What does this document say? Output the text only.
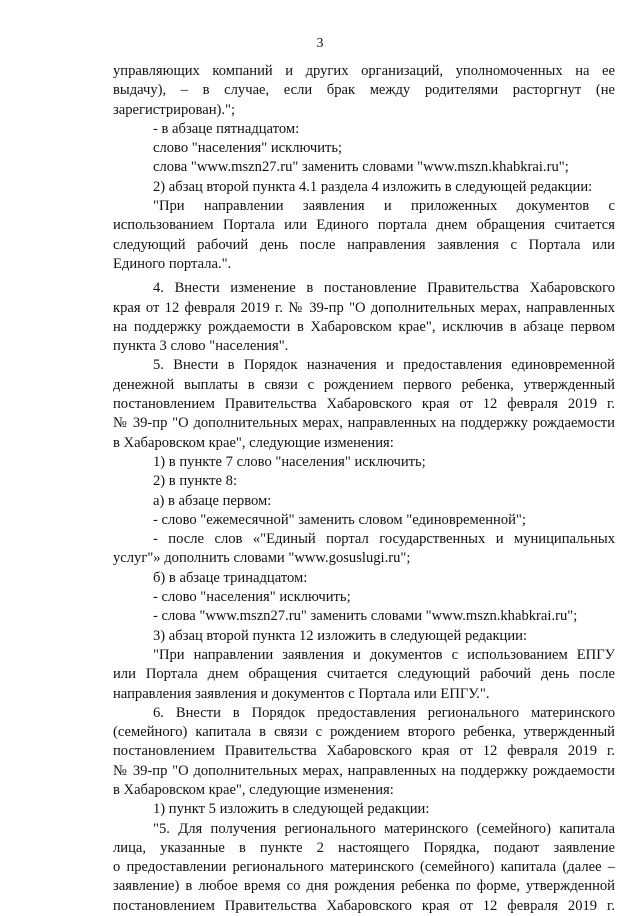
3
управляющих компаний и других организаций, уполномоченных на ее
выдачу), – в случае, если брак между родителями расторгнут (не
зарегистрирован).";
- в абзаце пятнадцатом:
слово "населения" исключить;
слова "www.mszn27.ru" заменить словами "www.mszn.khabkrai.ru";
2) абзац второй пункта 4.1 раздела 4 изложить в следующей редакции:
"При направлении заявления и приложенных документов с
использованием Портала или Единого портала днем обращения считается
следующий рабочий день после направления заявления с Портала или
Единого портала.".
4. Внести изменение в постановление Правительства Хабаровского
края от 12 февраля 2019 г. № 39-пр "О дополнительных мерах, направленных
на поддержку рождаемости в Хабаровском крае", исключив в абзаце первом
пункта 3 слово "населения".
5. Внести в Порядок назначения и предоставления единовременной
денежной выплаты в связи с рождением первого ребенка, утвержденный
постановлением Правительства Хабаровского края от 12 февраля 2019 г.
№ 39-пр "О дополнительных мерах, направленных на поддержку рождаемости
в Хабаровском крае", следующие изменения:
1) в пункте 7 слово "населения" исключить;
2) в пункте 8:
а) в абзаце первом:
- слово "ежемесячной" заменить словом "единовременной";
- после слов «"Единый портал государственных и муниципальных
услуг"» дополнить словами "www.gosuslugi.ru";
б) в абзаце тринадцатом:
- слово "населения" исключить;
- слова "www.mszn27.ru" заменить словами "www.mszn.khabkrai.ru";
3) абзац второй пункта 12 изложить в следующей редакции:
"При направлении заявления и документов с использованием ЕПГУ
или Портала днем обращения считается следующий рабочий день после
направления заявления и документов с Портала или ЕПГУ.".
6. Внести в Порядок предоставления регионального материнского
(семейного) капитала в связи с рождением второго ребенка, утвержденный
постановлением Правительства Хабаровского края от 12 февраля 2019 г.
№ 39-пр "О дополнительных мерах, направленных на поддержку рождаемости
в Хабаровском крае", следующие изменения:
1) пункт 5 изложить в следующей редакции:
"5. Для получения регионального материнского (семейного) капитала
лица, указанные в пункте 2 настоящего Порядка, подают заявление
о предоставлении регионального материнского (семейного) капитала (далее –
заявление) в любое время со дня рождения ребенка по форме, утвержденной
постановлением Правительства Хабаровского края от 12 февраля 2019 г.
